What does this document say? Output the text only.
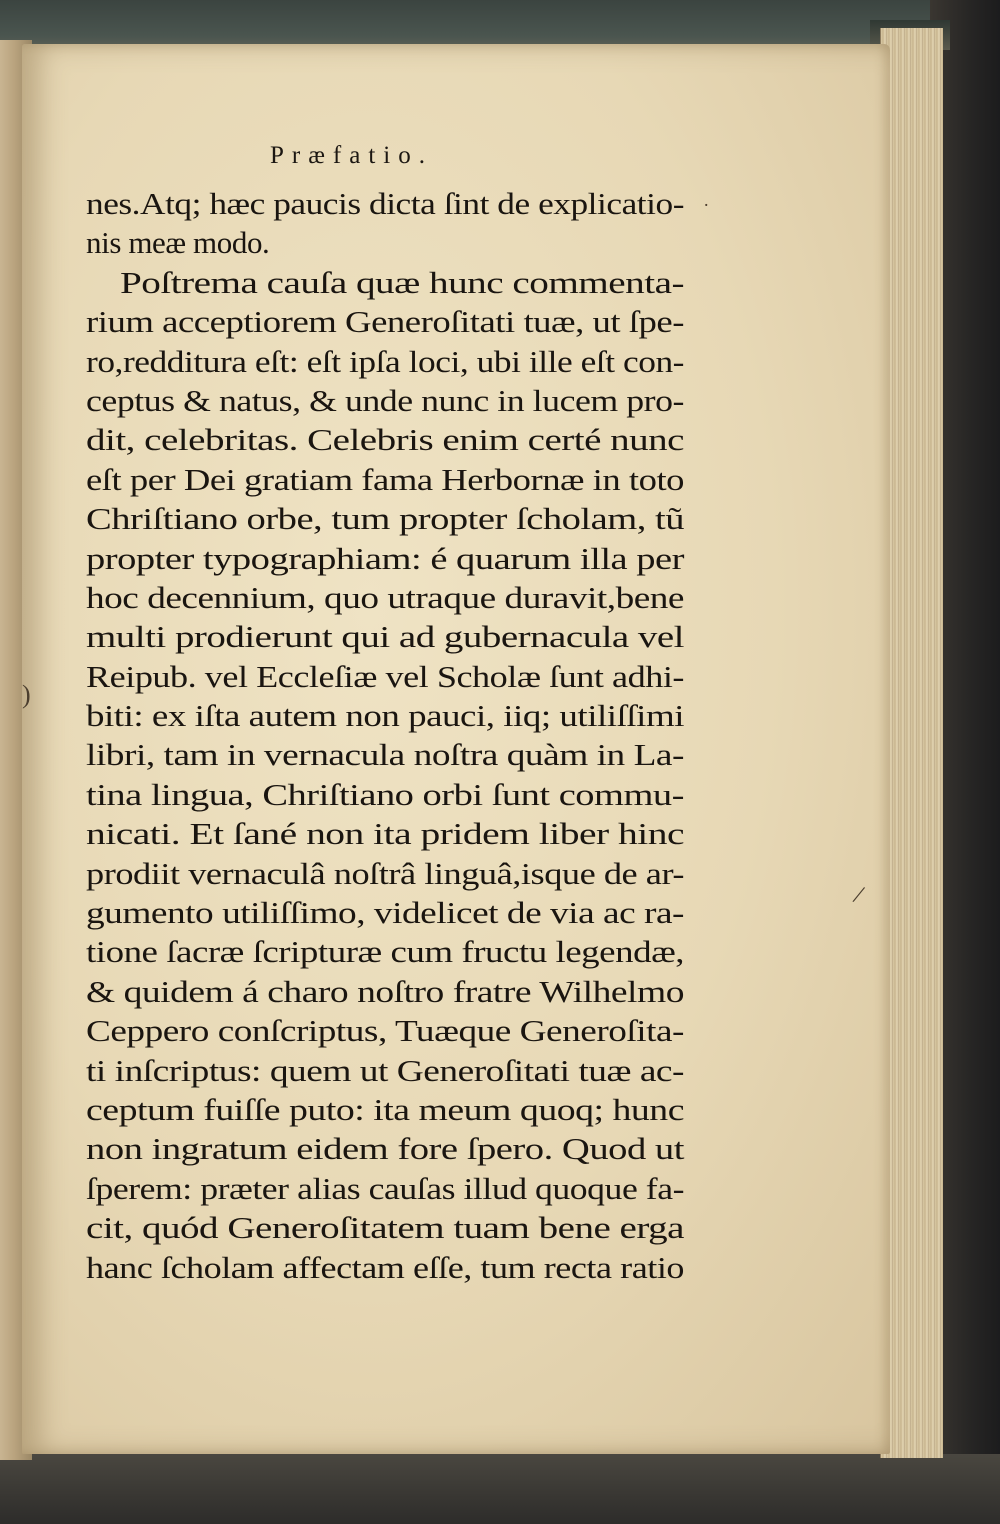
Præfatio.
nes.Atq; hæc paucis dicta ſint de explicatio-
nis meæ modo.
Poſtrema cauſa quæ hunc commenta-
rium acceptiorem Generoſitati tuæ, ut ſpe-
ro,redditura eſt: eſt ipſa loci, ubi ille eſt con-
ceptus & natus, & unde nunc in lucem pro-
dit, celebritas. Celebris enim certé nunc
eſt per Dei gratiam fama Herbornæ in toto
Chriſtiano orbe, tum propter ſcholam, tũ
propter typographiam: é quarum illa per
hoc decennium, quo utraque duravit,bene
multi prodierunt qui ad gubernacula vel
Reipub. vel Eccleſiæ vel Scholæ ſunt adhi-
biti: ex iſta autem non pauci, iiq; utiliſſimi
libri, tam in vernacula noſtra quàm in La-
tina lingua, Chriſtiano orbi ſunt commu-
nicati. Et ſané non ita pridem liber hinc
prodiit vernaculâ noſtrâ linguâ,isque de ar-
gumento utiliſſimo, videlicet de via ac ra-
tione ſacræ ſcripturæ cum fructu legendæ,
& quidem á charo noſtro fratre Wilhelmo
Ceppero conſcriptus, Tuæque Generoſita-
ti inſcriptus: quem ut Generoſitati tuæ ac-
ceptum fuiſſe puto: ita meum quoq; hunc
non ingratum eidem fore ſpero. Quod ut
ſperem: præter alias cauſas illud quoque fa-
cit, quód Generoſitatem tuam bene erga
hanc ſcholam affectam eſſe, tum recta ratio
/
.
)
